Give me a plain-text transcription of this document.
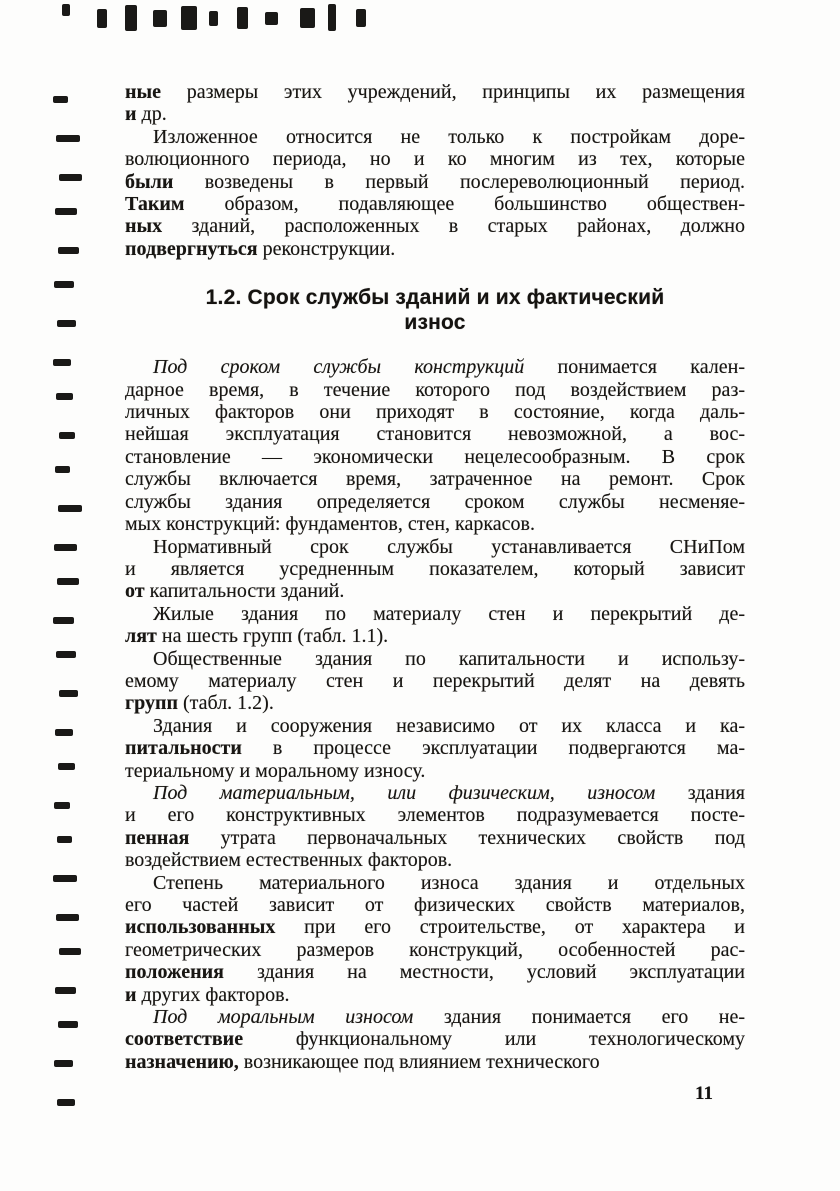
ные размеры этих учреждений, принципы их размещения
и др.
Изложенное относится не только к постройкам доре-
волюционного периода, но и ко многим из тех, которые
были возведены в первый послереволюционный период.
Таким образом, подавляющее большинство обществен-
ных зданий, расположенных в старых районах, должно
подвергнуться реконструкции.
1.2. Срок службы зданий и их фактический
износ
Под сроком службы конструкций понимается кален-
дарное время, в течение которого под воздействием раз-
личных факторов они приходят в состояние, когда даль-
нейшая эксплуатация становится невозможной, а вос-
становление — экономически нецелесообразным. В срок
службы включается время, затраченное на ремонт. Срок
службы здания определяется сроком службы несменяе-
мых конструкций: фундаментов, стен, каркасов.
Нормативный срок службы устанавливается СНиПом
и является усредненным показателем, который зависит
от капитальности зданий.
Жилые здания по материалу стен и перекрытий де-
лят на шесть групп (табл. 1.1).
Общественные здания по капитальности и использу-
емому материалу стен и перекрытий делят на девять
групп (табл. 1.2).
Здания и сооружения независимо от их класса и ка-
питальности в процессе эксплуатации подвергаются ма-
териальному и моральному износу.
Под материальным, или физическим, износом здания
и его конструктивных элементов подразумевается посте-
пенная утрата первоначальных технических свойств под
воздействием естественных факторов.
Степень материального износа здания и отдельных
его частей зависит от физических свойств материалов,
использованных при его строительстве, от характера и
геометрических размеров конструкций, особенностей рас-
положения здания на местности, условий эксплуатации
и других факторов.
Под моральным износом здания понимается его не-
соответствие функциональному или технологическому
назначению, возникающее под влиянием технического
11
